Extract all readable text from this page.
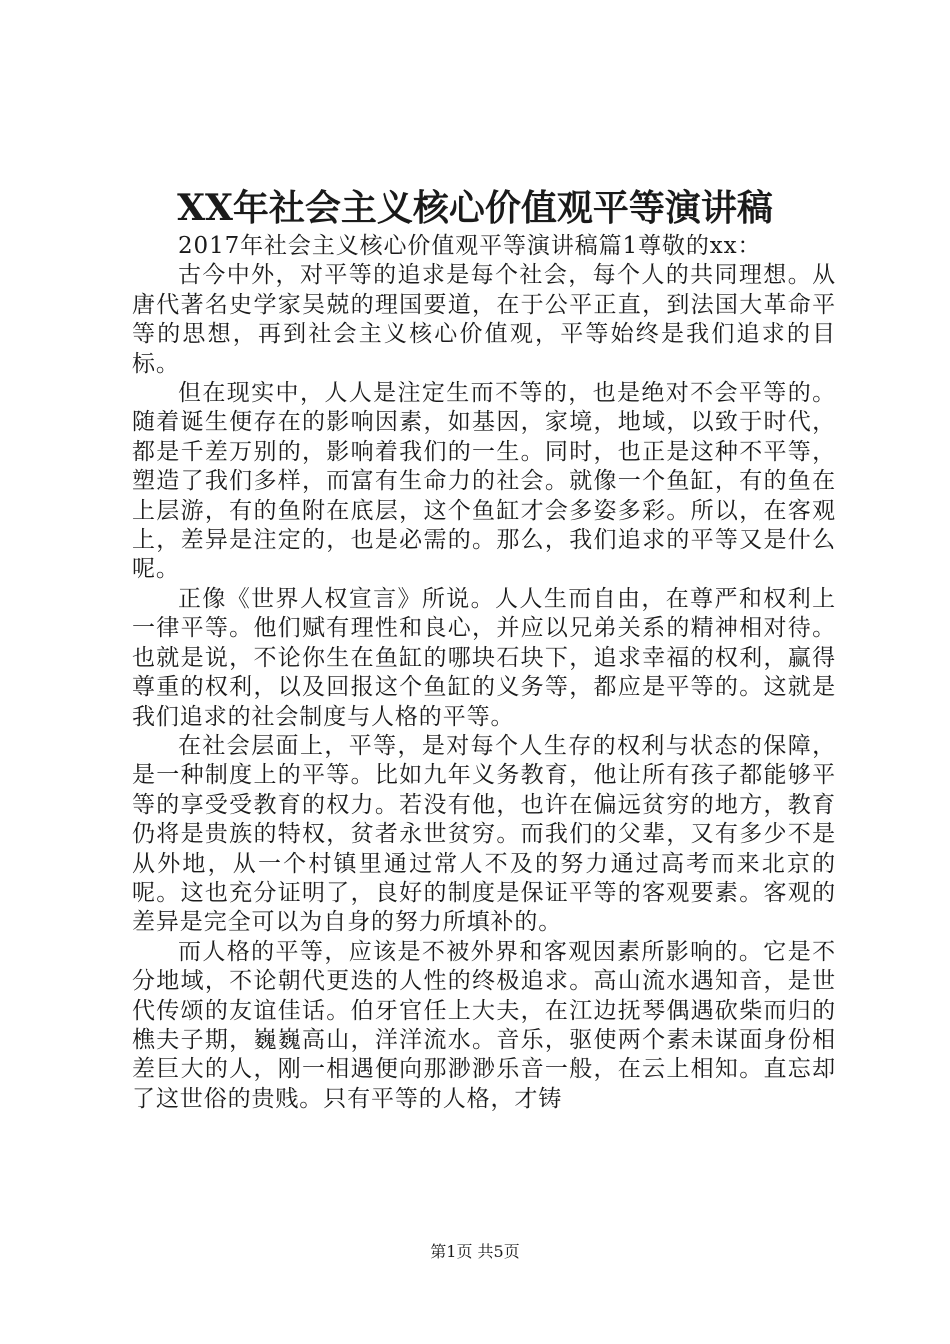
XX年社会主义核心价值观平等演讲稿

2017年社会主义核心价值观平等演讲稿篇1尊敬的xx：

古今中外，对平等的追求是每个社会，每个人的共同理想。从唐代著名史学家吴兢的理国要道，在于公平正直，到法国大革命平等的思想，再到社会主义核心价值观，平等始终是我们追求的目标。

但在现实中，人人是注定生而不等的，也是绝对不会平等的。随着诞生便存在的影响因素，如基因，家境，地域，以致于时代，都是千差万别的，影响着我们的一生。同时，也正是这种不平等，塑造了我们多样，而富有生命力的社会。就像一个鱼缸，有的鱼在上层游，有的鱼附在底层，这个鱼缸才会多姿多彩。所以，在客观上，差异是注定的，也是必需的。那么，我们追求的平等又是什么呢。

正像《世界人权宣言》所说。人人生而自由，在尊严和权利上一律平等。他们赋有理性和良心，并应以兄弟关系的精神相对待。也就是说，不论你生在鱼缸的哪块石块下，追求幸福的权利，赢得尊重的权利，以及回报这个鱼缸的义务等，都应是平等的。这就是我们追求的社会制度与人格的平等。

在社会层面上，平等，是对每个人生存的权利与状态的保障，是一种制度上的平等。比如九年义务教育，他让所有孩子都能够平等的享受受教育的权力。若没有他，也许在偏远贫穷的地方，教育仍将是贵族的特权，贫者永世贫穷。而我们的父辈，又有多少不是从外地，从一个村镇里通过常人不及的努力通过高考而来北京的呢。这也充分证明了，良好的制度是保证平等的客观要素。客观的差异是完全可以为自身的努力所填补的。

而人格的平等，应该是不被外界和客观因素所影响的。它是不分地域，不论朝代更迭的人性的终极追求。高山流水遇知音，是世代传颂的友谊佳话。伯牙官任上大夫，在江边抚琴偶遇砍柴而归的樵夫子期，巍巍高山，洋洋流水。音乐，驱使两个素未谋面身份相差巨大的人，刚一相遇便向那渺渺乐音一般，在云上相知。直忘却了这世俗的贵贱。只有平等的人格，才铸

第1页 共5页
